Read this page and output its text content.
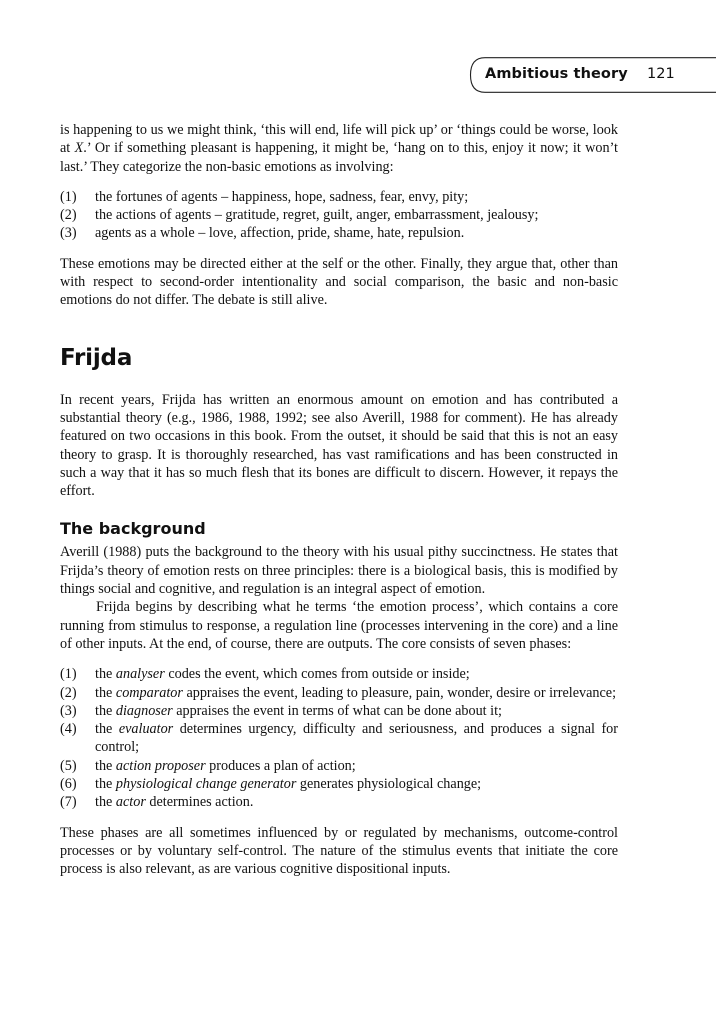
Ambitious theory 121

is happening to us we might think, ‘this will end, life will pick up’ or ‘things could be worse, look at X.’ Or if something pleasant is happening, it might be, ‘hang on to this, enjoy it now; it won’t last.’ They categorize the non-basic emotions as involving:

(1)	the fortunes of agents – happiness, hope, sadness, fear, envy, pity;
(2)	the actions of agents – gratitude, regret, guilt, anger, embarrassment, jealousy;
(3)	agents as a whole – love, affection, pride, shame, hate, repulsion.

These emotions may be directed either at the self or the other. Finally, they argue that, other than with respect to second-order intentionality and social comparison, the basic and non-basic emotions do not differ. The debate is still alive.

Frijda

In recent years, Frijda has written an enormous amount on emotion and has contributed a substantial theory (e.g., 1986, 1988, 1992; see also Averill, 1988 for comment). He has already featured on two occasions in this book. From the outset, it should be said that this is not an easy theory to grasp. It is thoroughly researched, has vast ramifications and has been constructed in such a way that it has so much flesh that its bones are difficult to discern. However, it repays the effort.

The background

Averill (1988) puts the background to the theory with his usual pithy succinctness. He states that Frijda’s theory of emotion rests on three principles: there is a biological basis, this is modified by things social and cognitive, and regulation is an integral aspect of emotion.

Frijda begins by describing what he terms ‘the emotion process’, which contains a core running from stimulus to response, a regulation line (processes intervening in the core) and a line of other inputs. At the end, of course, there are outputs. The core consists of seven phases:

(1)	the analyser codes the event, which comes from outside or inside;
(2)	the comparator appraises the event, leading to pleasure, pain, wonder, desire or irrelevance;
(3)	the diagnoser appraises the event in terms of what can be done about it;
(4)	the evaluator determines urgency, difficulty and seriousness, and produces a signal for control;
(5)	the action proposer produces a plan of action;
(6)	the physiological change generator generates physiological change;
(7)	the actor determines action.

These phases are all sometimes influenced by or regulated by mechanisms, outcome-control processes or by voluntary self-control. The nature of the stimulus events that initiate the core process is also relevant, as are various cognitive dispositional inputs.
